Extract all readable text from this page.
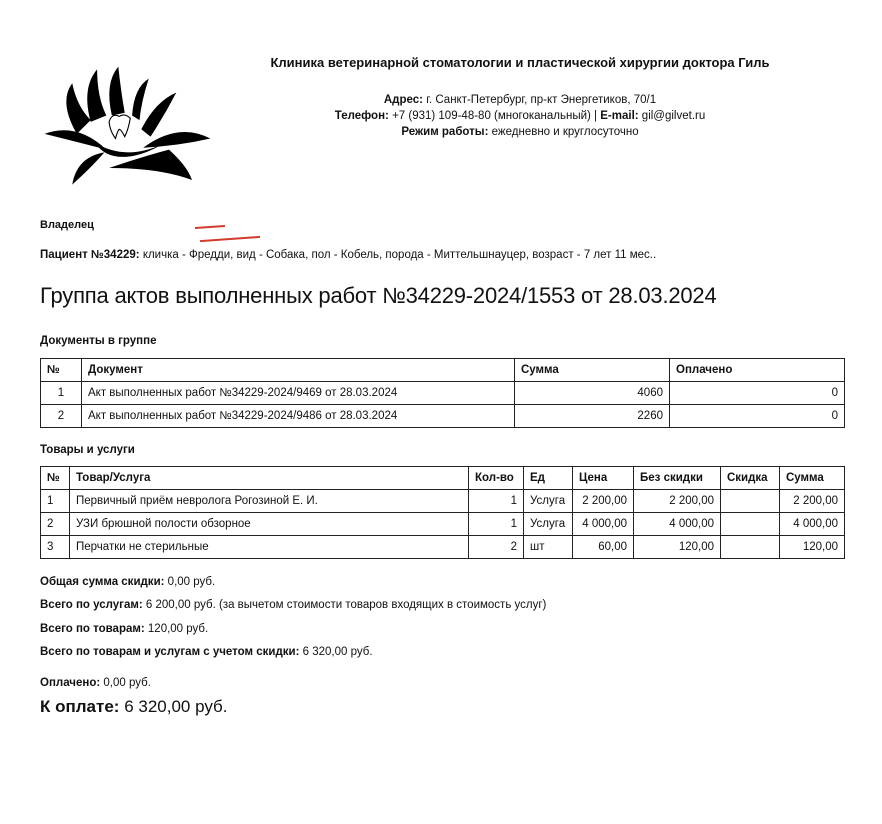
Клиника ветеринарной стоматологии и пластической хирургии доктора Гиль
Адрес: г. Санкт-Петербург, пр-кт Энергетиков, 70/1
Телефон: +7 (931) 109-48-80 (многоканальный) | E-mail: gil@gilvet.ru
Режим работы: ежедневно и круглосуточно
Владелец
Пациент №34229: кличка - Фредди, вид - Собака, пол - Кобель, порода - Миттельшнауцер, возраст - 7 лет 11 мес..
Группа актов выполненных работ №34229-2024/1553 от 28.03.2024
Документы в группе
№	Документ	Сумма	Оплачено
1	Акт выполненных работ №34229-2024/9469 от 28.03.2024	4060	0
2	Акт выполненных работ №34229-2024/9486 от 28.03.2024	2260	0
Товары и услуги
№	Товар/Услуга	Кол-во	Ед	Цена	Без скидки	Скидка	Сумма
1	Первичный приём невролога Рогозиной Е. И.	1	Услуга	2 200,00	2 200,00		2 200,00
2	УЗИ брюшной полости обзорное	1	Услуга	4 000,00	4 000,00		4 000,00
3	Перчатки не стерильные	2	шт	60,00	120,00		120,00
Общая сумма скидки: 0,00 руб.
Всего по услугам: 6 200,00 руб. (за вычетом стоимости товаров входящих в стоимость услуг)
Всего по товарам: 120,00 руб.
Всего по товарам и услугам с учетом скидки: 6 320,00 руб.
Оплачено: 0,00 руб.
К оплате: 6 320,00 руб.
